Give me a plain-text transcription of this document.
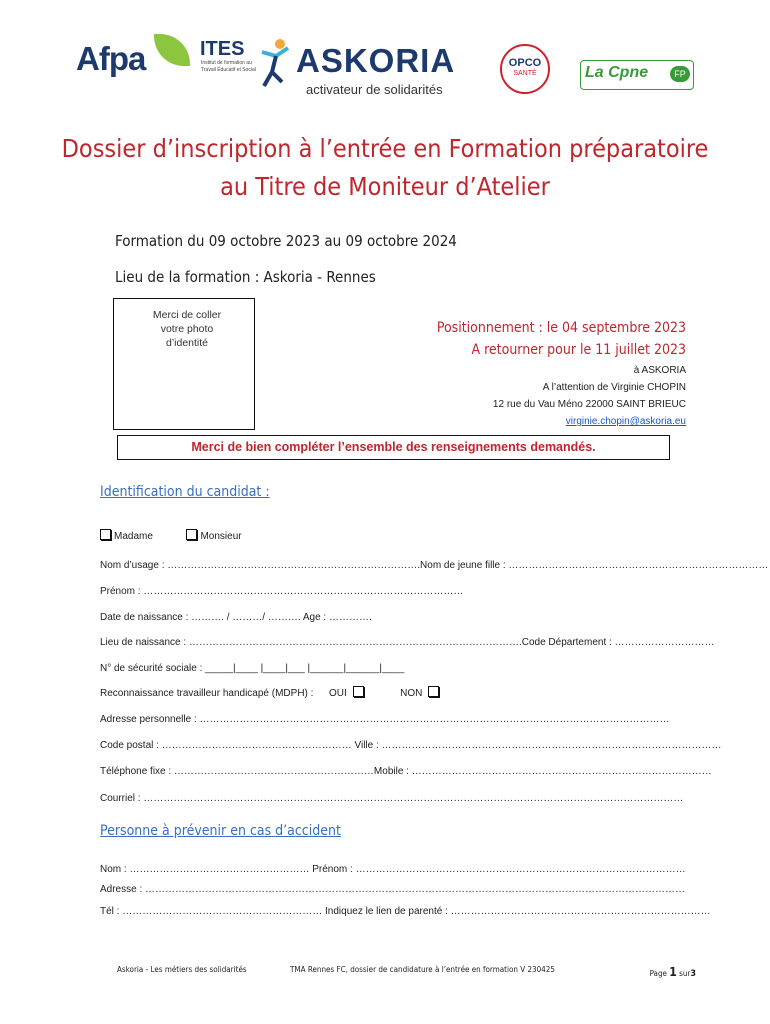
Afpa	ITES
Institut de formation au Travail Éducatif et Social ASKORIA
activateur de solidarités
OPCO
SANTÉ	La Cpne	FP
Dossier d’inscription à l’entrée en Formation préparatoire
au Titre de Moniteur d’Atelier
Formation du 09 octobre 2023 au 09 octobre 2024
Lieu de la formation : Askoria - Rennes
Merci de coller
votre photo
d’identité
Positionnement : le 04 septembre 2023
A retourner pour le 11 juillet 2023
à ASKORIA
A l’attention de Virginie CHOPIN
12 rue du Vau Méno 22000 SAINT BRIEUC
virginie.chopin@askoria.eu
Merci de bien compléter l’ensemble des renseignements demandés.
Identification du candidat :
Madame	Monsieur
Nom d’usage : ………………………………………………………………….Nom de jeune fille : ……………………………………………………………………
Prénom : ……………………………………………………………………………………
Date de naissance : ………. / ………/ ………. Age : ………….
Lieu de naissance : ……………………………………………………………………………………….Code Département : …………………………
N° de sécurité sociale : _____|____ |____|___ |______|______|____
Reconnaissance travailleur handicapé (MDPH) : OUI	NON
Adresse personnelle : ……………………………………………………………………………………………………………………………
Code postal : ………………………………………………… Ville : …………………………………………………………………………………………
Téléphone fixe : ……………………………………………………Mobile : ………………………………………………………………………………
Courriel : ………………………………………………………………………………………………………………………………………………
Personne à prévenir en cas d’accident
Nom : ……………………………………………… Prénom : ………………………………………………………………………………………
Adresse : ………………………………………………………………………………………………………………………………………………
Tél : …………………………………………………… Indiquez le lien de parenté : ……………………………………………………………………
Askoria - Les métiers des solidarités	TMA Rennes FC, dossier de candidature à l’entrée en formation V 230425	Page 1 sur3
